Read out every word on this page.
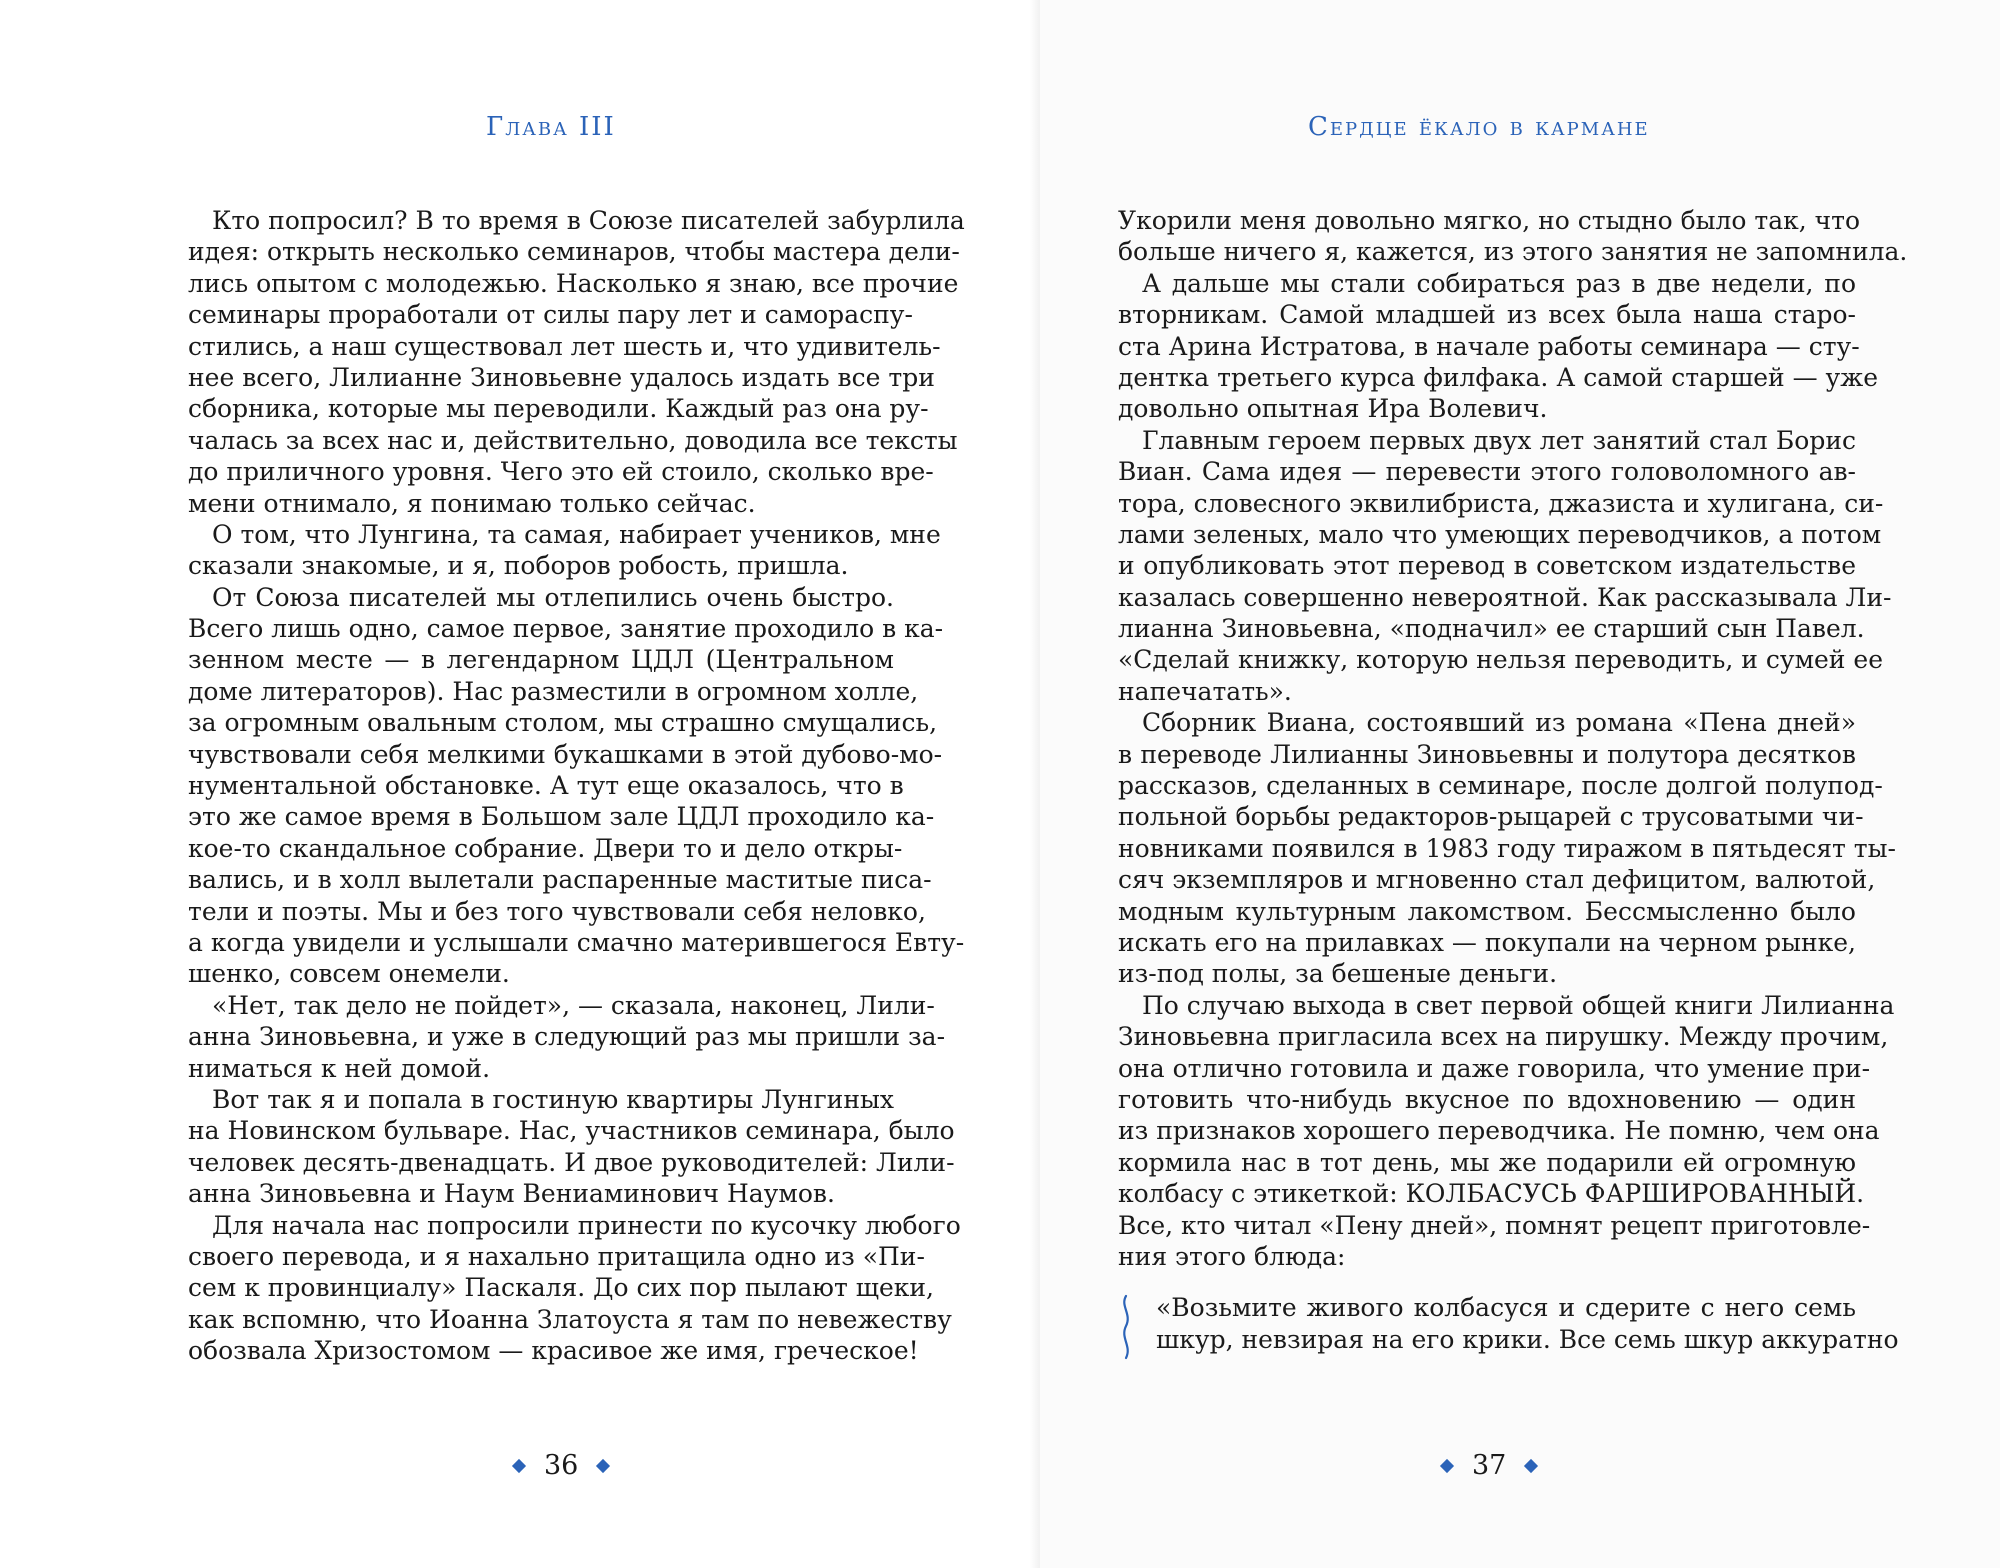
Глава III
Кто попросил? В то время в Союзе писателей забурлила
идея: открыть несколько семинаров, чтобы мастера дели-
лись опытом с молодежью. Насколько я знаю, все прочие
семинары проработали от силы пару лет и самораспу-
стились, а наш существовал лет шесть и, что удивитель-
нее всего, Лилианне Зиновьевне удалось издать все три
сборника, которые мы переводили. Каждый раз она ру-
чалась за всех нас и, действительно, доводила все тексты
до приличного уровня. Чего это ей стоило, сколько вре-
мени отнимало, я понимаю только сейчас.
О том, что Лунгина, та самая, набирает учеников, мне
сказали знакомые, и я, поборов робость, пришла.
От Союза писателей мы отлепились очень быстро.
Всего лишь одно, самое первое, занятие проходило в ка-
зенном месте — в легендарном ЦДЛ (Центральном
доме литераторов). Нас разместили в огромном холле,
за огромным овальным столом, мы страшно смущались,
чувствовали себя мелкими букашками в этой дубово-мо-
нументальной обстановке. А тут еще оказалось, что в
это же самое время в Большом зале ЦДЛ проходило ка-
кое-то скандальное собрание. Двери то и дело откры-
вались, и в холл вылетали распаренные маститые писа-
тели и поэты. Мы и без того чувствовали себя неловко,
а когда увидели и услышали смачно матерившегося Евту-
шенко, совсем онемели.
«Нет, так дело не пойдет», — сказала, наконец, Лили-
анна Зиновьевна, и уже в следующий раз мы пришли за-
ниматься к ней домой.
Вот так я и попала в гостиную квартиры Лунгиных
на Новинском бульваре. Нас, участников семинара, было
человек десять-двенадцать. И двое руководителей: Лили-
анна Зиновьевна и Наум Вениаминович Наумов.
Для начала нас попросили принести по кусочку любого
своего перевода, и я нахально притащила одно из «Пи-
сем к провинциалу» Паскаля. До сих пор пылают щеки,
как вспомню, что Иоанна Златоуста я там по невежеству
обозвала Хризостомом — красивое же имя, греческое!
36
Сердце ёкало в кармане
Укорили меня довольно мягко, но стыдно было так, что
больше ничего я, кажется, из этого занятия не запомнила.
А дальше мы стали собираться раз в две недели, по
вторникам. Самой младшей из всех была наша старо-
ста Арина Истратова, в начале работы семинара — сту-
дентка третьего курса филфака. А самой старшей — уже
довольно опытная Ира Волевич.
Главным героем первых двух лет занятий стал Борис
Виан. Сама идея — перевести этого головоломного ав-
тора, словесного эквилибриста, джазиста и хулигана, си-
лами зеленых, мало что умеющих переводчиков, а потом
и опубликовать этот перевод в советском издательстве
казалась совершенно невероятной. Как рассказывала Ли-
лианна Зиновьевна, «подначил» ее старший сын Павел.
«Сделай книжку, которую нельзя переводить, и сумей ее
напечатать».
Сборник Виана, состоявший из романа «Пена дней»
в переводе Лилианны Зиновьевны и полутора десятков
рассказов, сделанных в семинаре, после долгой полупод-
польной борьбы редакторов-рыцарей с трусоватыми чи-
новниками появился в 1983 году тиражом в пятьдесят ты-
сяч экземпляров и мгновенно стал дефицитом, валютой,
модным культурным лакомством. Бессмысленно было
искать его на прилавках — покупали на черном рынке,
из-под полы, за бешеные деньги.
По случаю выхода в свет первой общей книги Лилианна
Зиновьевна пригласила всех на пирушку. Между прочим,
она отлично готовила и даже говорила, что умение при-
готовить что-нибудь вкусное по вдохновению — один
из признаков хорошего переводчика. Не помню, чем она
кормила нас в тот день, мы же подарили ей огромную
колбасу с этикеткой: КОЛБАСУСЬ ФАРШИРОВАННЫЙ.
Все, кто читал «Пену дней», помнят рецепт приготовле-
ния этого блюда:
«Возьмите живого колбасуся и сдерите с него семь
шкур, невзирая на его крики. Все семь шкур аккуратно
37
